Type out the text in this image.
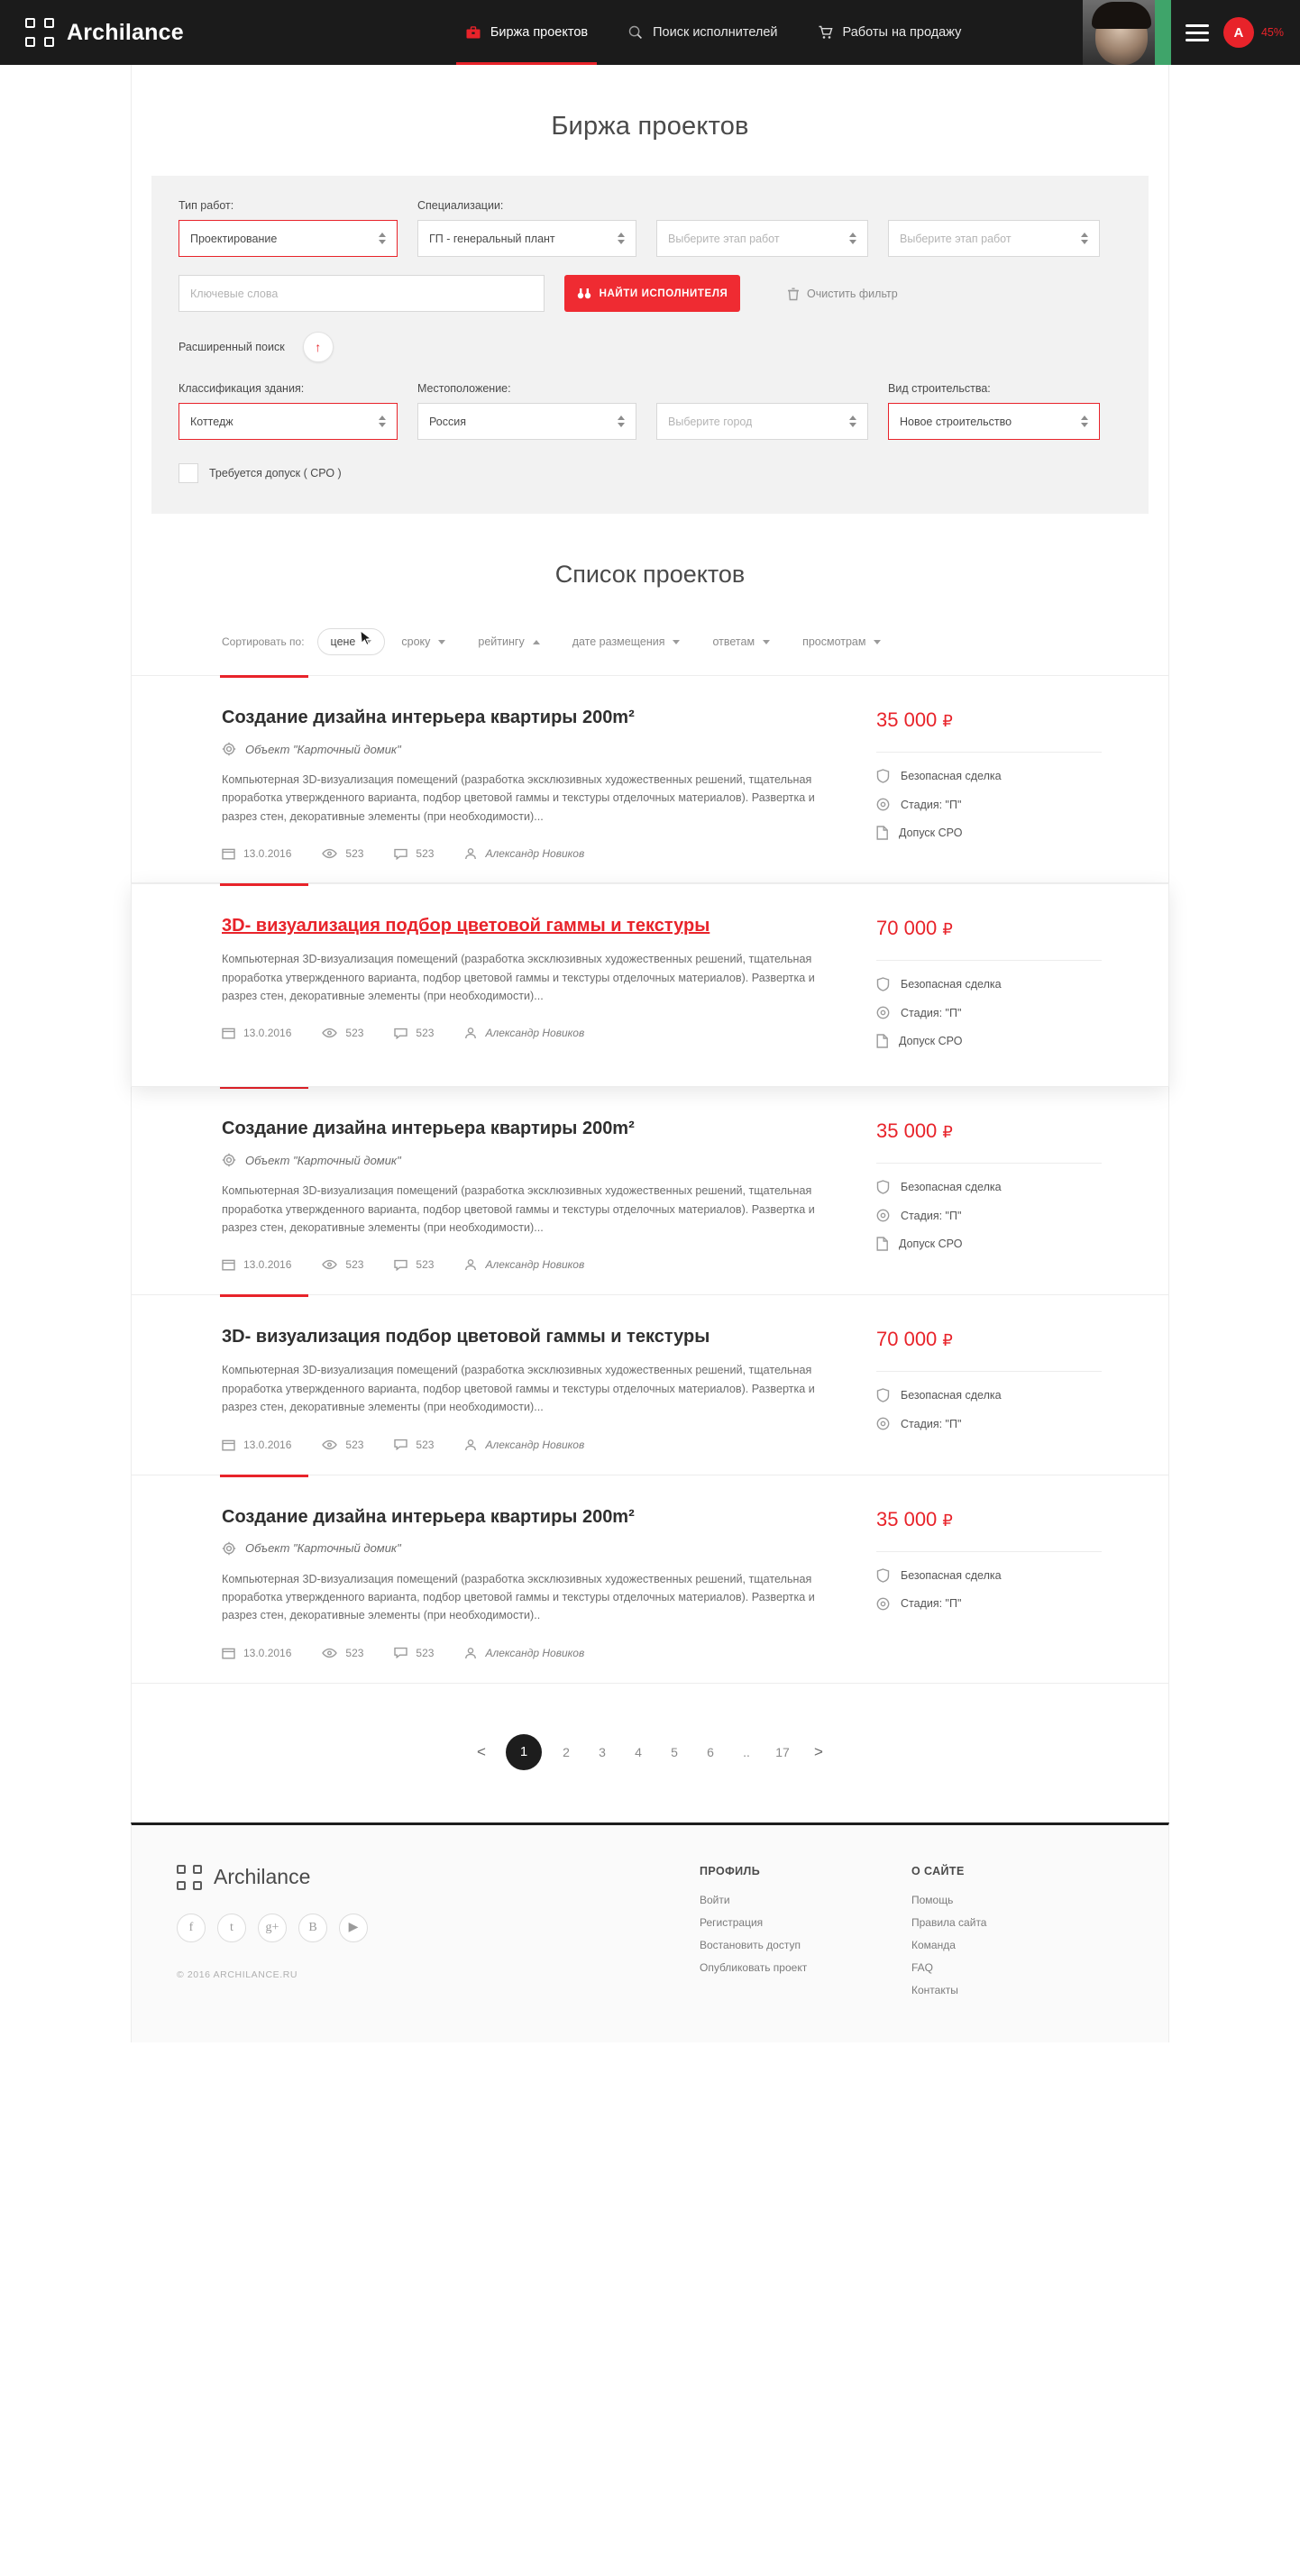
Archilance	Биржа проектов	Поиск исполнителей	Работы на продажу	A	45%
Биржа проектов
Тип работ:
Проектирование
Специализации:
ГП - генеральный плант
	Выберите этап работ
	Выберите этап работ
Ключевые слова	НАЙТИ ИСПОЛНИТЕЛЯ	Очистить фильтр
Расширенный поиск ↑
Классификация здания:
Коттедж
Местоположение:
Россия
	Выберите город
Вид строительства:
Новое строительство
Требуется допуск ( СРО )
Список проектов
Сортировать по: цене	сроку	рейтингу	дате размещения	ответам	просмотрам
Создание дизайна интерьера квартиры 200m²
Объект "Карточный домик"

Компьютерная 3D-визуализация помещений (разработка эксклюзивных художественных решений, тщательная проработка утвержденного варианта, подбор цветовой гаммы и текстуры отделочных материалов). Развертка и разрез стен, декоративные элементы (при необходимости)...

13.0.2016	523	523	Александр Новиков
35 000 ₽
Безопасная сделка
Стадия: "П"
Допуск СРО
3D- визуализация подбор цветовой гаммы и текстуры

Компьютерная 3D-визуализация помещений (разработка эксклюзивных художественных решений, тщательная проработка утвержденного варианта, подбор цветовой гаммы и текстуры отделочных материалов). Развертка и разрез стен, декоративные элементы (при необходимости)...

13.0.2016	523	523	Александр Новиков
70 000 ₽
Безопасная сделка
Стадия: "П"
Допуск СРО
Создание дизайна интерьера квартиры 200m²
Объект "Карточный домик"

Компьютерная 3D-визуализация помещений (разработка эксклюзивных художественных решений, тщательная проработка утвержденного варианта, подбор цветовой гаммы и текстуры отделочных материалов). Развертка и разрез стен, декоративные элементы (при необходимости)...

13.0.2016	523	523	Александр Новиков
35 000 ₽
Безопасная сделка
Стадия: "П"
Допуск СРО
3D- визуализация подбор цветовой гаммы и текстуры

Компьютерная 3D-визуализация помещений (разработка эксклюзивных художественных решений, тщательная проработка утвержденного варианта, подбор цветовой гаммы и текстуры отделочных материалов). Развертка и разрез стен, декоративные элементы (при необходимости)...

13.0.2016	523	523	Александр Новиков
70 000 ₽
Безопасная сделка
Стадия: "П"
Создание дизайна интерьера квартиры 200m²
Объект "Карточный домик"

Компьютерная 3D-визуализация помещений (разработка эксклюзивных художественных решений, тщательная проработка утвержденного варианта, подбор цветовой гаммы и текстуры отделочных материалов). Развертка и разрез стен, декоративные элементы (при необходимости)..

13.0.2016	523	523	Александр Новиков
35 000 ₽
Безопасная сделка
Стадия: "П"
<	1	2	3	4	5	6	..	17	>
Archilance
f	t	g+	B	▶
© 2016 ARCHILANCE.RU
ПРОФИЛЬ
Войти
Регистрация
Востановить доступ
Опубликовать проект
О САЙТЕ
Помощь
Правила сайта
Команда
FAQ
Контакты
